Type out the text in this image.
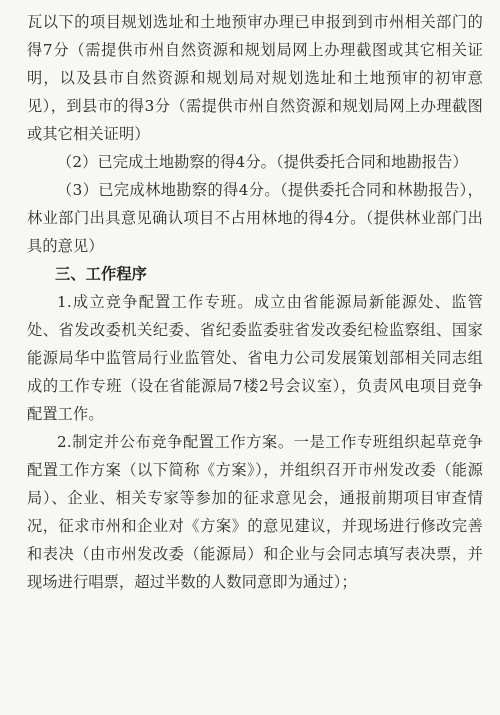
瓦以下的项目规划选址和土地预审办理已申报到到市州相关部门的得7分（需提供市州自然资源和规划局网上办理截图或其它相关证明，以及县市自然资源和规划局对规划选址和土地预审的初审意见），到县市的得3分（需提供市州自然资源和规划局网上办理截图或其它相关证明）

（2）已完成土地勘察的得4分。（提供委托合同和地勘报告）

（3）已完成林地勘察的得4分。（提供委托合同和林勘报告），林业部门出具意见确认项目不占用林地的得4分。（提供林业部门出具的意见）

三、工作程序

1.成立竞争配置工作专班。成立由省能源局新能源处、监管处、省发改委机关纪委、省纪委监委驻省发改委纪检监察组、国家能源局华中监管局行业监管处、省电力公司发展策划部相关同志组成的工作专班（设在省能源局7楼2号会议室），负责风电项目竞争配置工作。

2.制定并公布竞争配置工作方案。一是工作专班组织起草竞争配置工作方案（以下简称《方案》），并组织召开市州发改委（能源局）、企业、相关专家等参加的征求意见会，通报前期项目审查情况，征求市州和企业对《方案》的意见建议，并现场进行修改完善和表决（由市州发改委（能源局）和企业与会同志填写表决票，并现场进行唱票，超过半数的人数同意即为通过）；
